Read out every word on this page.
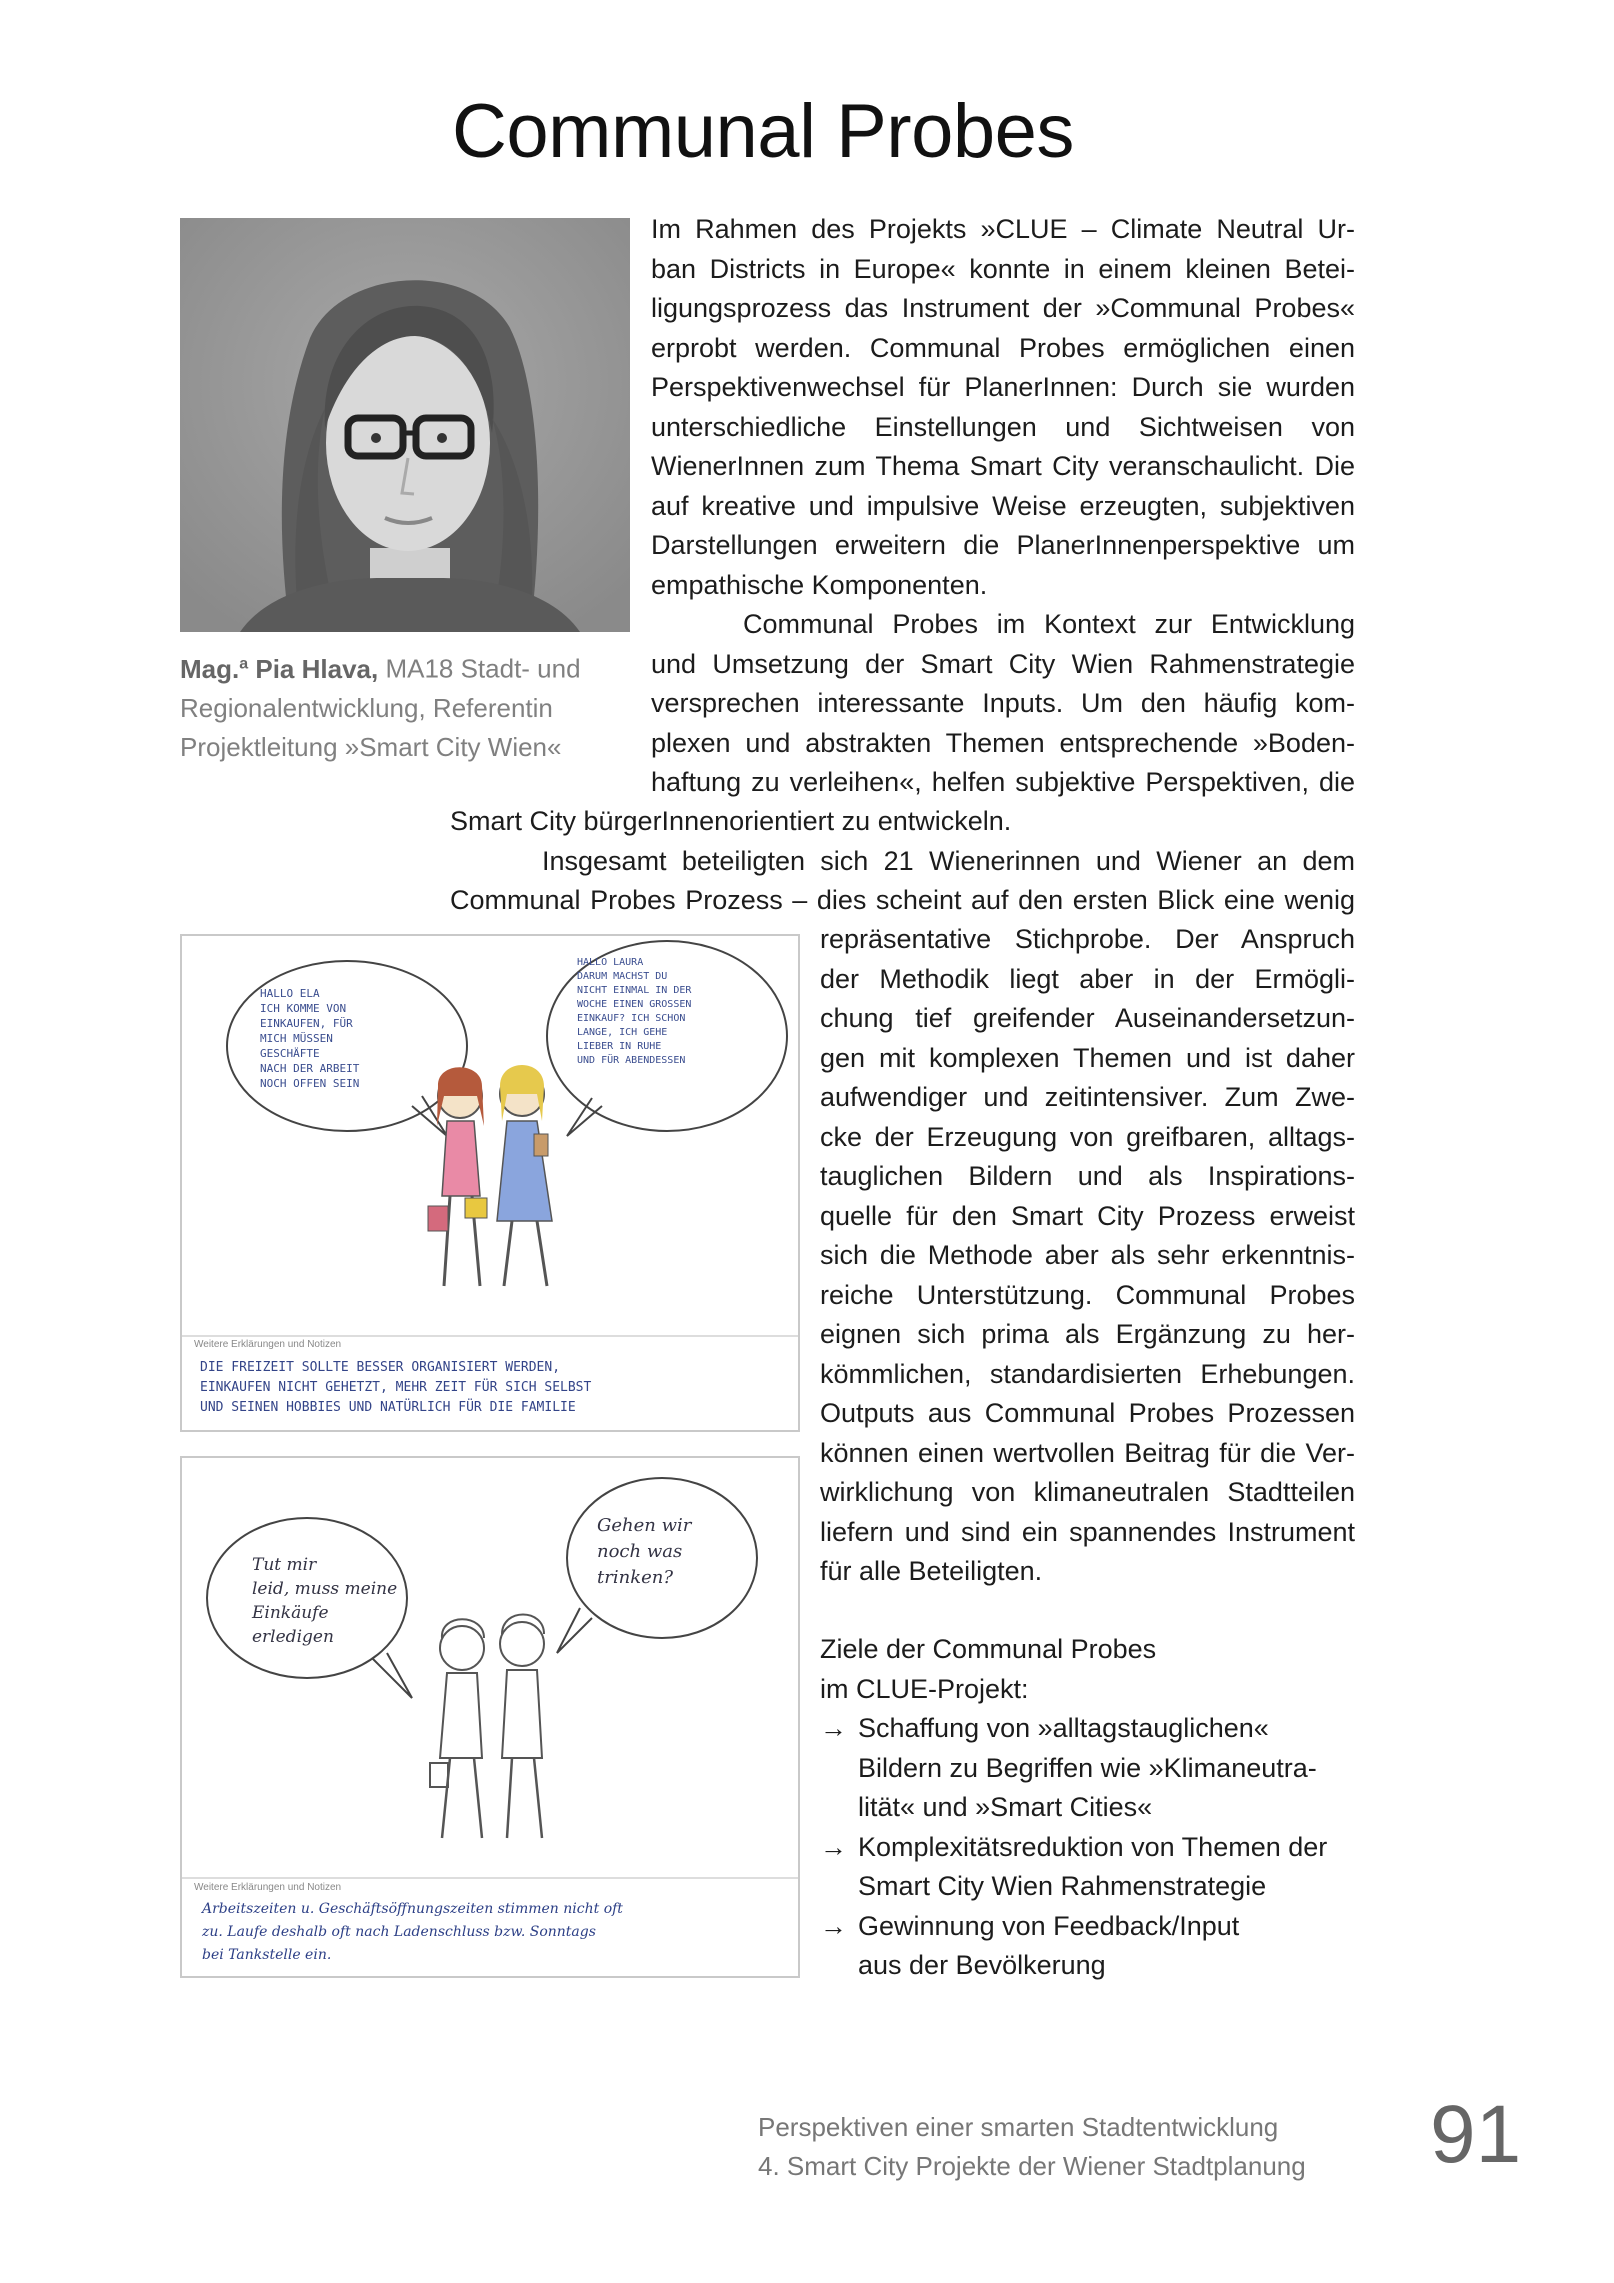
Communal Probes
Mag.$^a$ Pia Hlava, MA18 Stadt- und
Regionalentwicklung, Referentin
Projektleitung »Smart City Wien«
Im Rahmen des Projekts »CLUE – Climate Neutral Ur-
ban Districts in Europe« konnte in einem kleinen Betei-
ligungsprozess das Instrument der »Communal Probes«
erprobt werden. Communal Probes ermöglichen einen
Perspektivenwechsel für PlanerInnen: Durch sie wurden
unterschiedliche Einstellungen und Sichtweisen von
WienerInnen zum Thema Smart City veranschaulicht. Die
auf kreative und impulsive Weise erzeugten, subjektiven
Darstellungen erweitern die PlanerInnenperspektive um
empathische Komponenten.
Communal Probes im Kontext zur Entwicklung
und Umsetzung der Smart City Wien Rahmenstrategie
versprechen interessante Inputs. Um den häufig kom-
plexen und abstrakten Themen entsprechende »Boden-
haftung zu verleihen«, helfen subjektive Perspektiven, die
Smart City bürgerInnenorientiert zu entwickeln.
Insgesamt beteiligten sich 21 Wienerinnen und Wiener an dem
Communal Probes Prozess – dies scheint auf den ersten Blick eine wenig
repräsentative Stichprobe. Der Anspruch
der Methodik liegt aber in der Ermögli-
chung tief greifender Auseinandersetzun-
gen mit komplexen Themen und ist daher
aufwendiger und zeitintensiver. Zum Zwe-
cke der Erzeugung von greifbaren, alltags-
tauglichen Bildern und als Inspirations-
quelle für den Smart City Prozess erweist
sich die Methode aber als sehr erkenntnis-
reiche Unterstützung. Communal Probes
eignen sich prima als Ergänzung zu her-
kömmlichen, standardisierten Erhebungen.
Outputs aus Communal Probes Prozessen
können einen wertvollen Beitrag für die Ver-
wirklichung von klimaneutralen Stadtteilen
liefern und sind ein spannendes Instrument
für alle Beteiligten.
HALLO ELA
ICH KOMME VON
EINKAUFEN, FÜR
MICH MÜSSEN
GESCHÄFTE
NACH DER ARBEIT
NOCH OFFEN SEIN
HALLO LAURA
DARUM MACHST DU
NICHT EINMAL IN DER
WOCHE EINEN GROSSEN
EINKAUF? ICH SCHON
LANGE, ICH GEHE
LIEBER IN RUHE
UND FÜR ABENDESSEN
Weitere Erklärungen und Notizen
DIE FREIZEIT SOLLTE BESSER ORGANISIERT WERDEN,
EINKAUFEN NICHT GEHETZT, MEHR ZEIT FÜR SICH SELBST
UND SEINEN HOBBIES UND NATÜRLICH FÜR DIE FAMILIE
Tut mir
leid, muss meine
Einkäufe
erledigen
Gehen wir
noch was
trinken?
Weitere Erklärungen und Notizen
Arbeitszeiten u. Geschäftsöffnungszeiten stimmen nicht oft
zu. Laufe deshalb oft nach Ladenschluss bzw. Sonntags
bei Tankstelle ein.

Ziele der Communal Probes

im CLUE-Projekt:

→ Schaffung von »alltagstauglichen«
Bildern zu Begriffen wie »Klimaneutra-
lität« und »Smart Cities«
→ Komplexitätsreduktion von Themen der
Smart City Wien Rahmenstrategie
→ Gewinnung von Feedback/Input
aus der Bevölkerung
Perspektiven einer smarten Stadtentwicklung
4. Smart City Projekte der Wiener Stadtplanung 91
